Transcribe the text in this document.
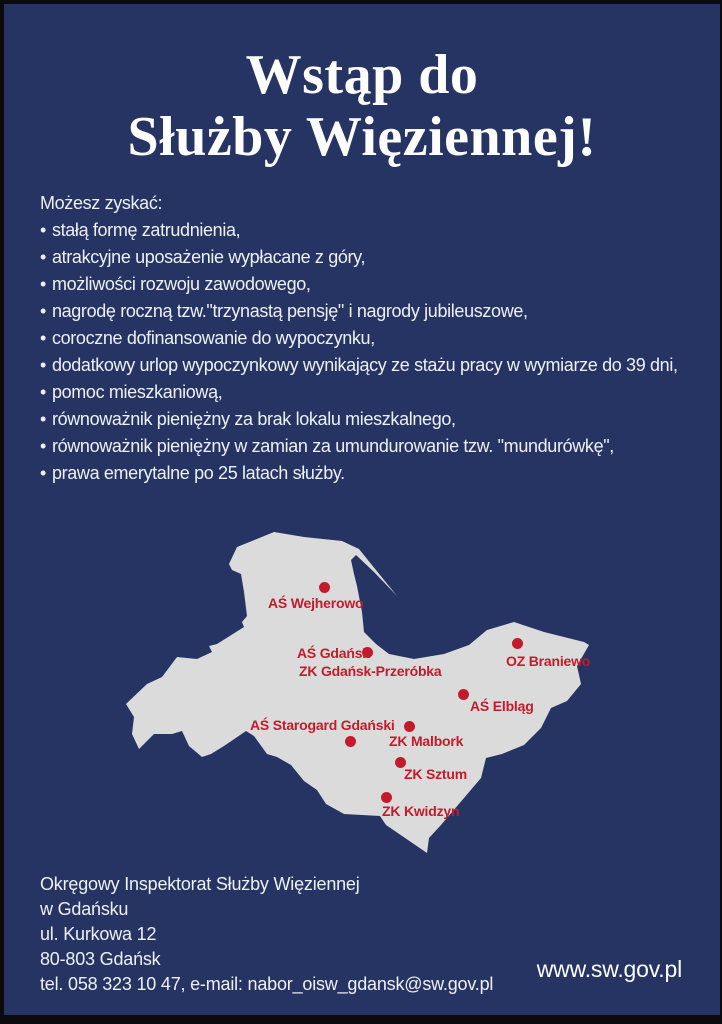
Wstąp do
Służby Więziennej!
Możesz zyskać:
• stałą formę zatrudnienia,
• atrakcyjne uposażenie wypłacane z góry,
• możliwości rozwoju zawodowego,
• nagrodę roczną tzw."trzynastą pensję" i nagrody jubileuszowe,
• coroczne dofinansowanie do wypoczynku,
• dodatkowy urlop wypoczynkowy wynikający ze stażu pracy w wymiarze do 39 dni,
• pomoc mieszkaniową,
• równoważnik pieniężny za brak lokalu mieszkalnego,
• równoważnik pieniężny w zamian za umundurowanie tzw. "mundurówkę",
• prawa emerytalne po 25 latach służby.
AŚ Wejherowo
AŚ Gdańsk
ZK Gdańsk-Przeróbka
OZ Braniewo
AŚ Elbląg
AŚ Starogard Gdański
ZK Malbork
ZK Sztum
ZK Kwidzyn
Okręgowy Inspektorat Służby Więziennej
w Gdańsku
ul. Kurkowa 12
80-803 Gdańsk
tel. 058 323 10 47, e-mail: nabor_oisw_gdansk@sw.gov.pl
www.sw.gov.pl
